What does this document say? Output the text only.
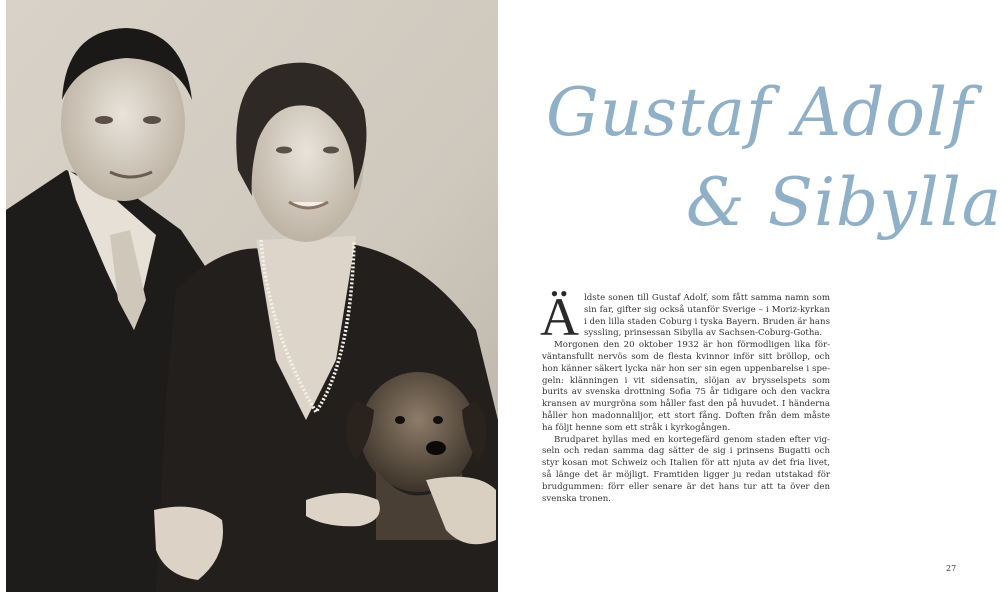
Gustaf Adolf
& Sibylla

Äldste sonen till Gustaf Adolf, som fått samma namn som sin far, gifter sig också utanför Sverige – i Moriz-kyrkan i den lilla staden Coburg i tyska Bayern. Bruden är hans syssling, prinsessan Sibylla av Sachsen-Coburg-Gotha.

Morgonen den 20 oktober 1932 är hon förmodligen lika för-väntansfullt nervös som de flesta kvinnor inför sitt bröllop, och hon känner säkert lycka när hon ser sin egen uppenbarelse i spe-geln: klänningen i vit sidensatin, slöjan av brysselspets som burits av svenska drottning Sofia 75 år tidigare och den vackra kransen av murgröna som håller fast den på huvudet. I händerna håller hon madonnaliljor, ett stort fång. Doften från dem måste ha följt henne som ett stråk i kyrkogången.

Brudparet hyllas med en kortegefärd genom staden efter vig-seln och redan samma dag sätter de sig i prinsens Bugatti och styr kosan mot Schweiz och Italien för att njuta av det fria livet, så länge det är möjligt. Framtiden ligger ju redan utstakad för brudgummen: förr eller senare är det hans tur att ta över den svenska tronen.

27
